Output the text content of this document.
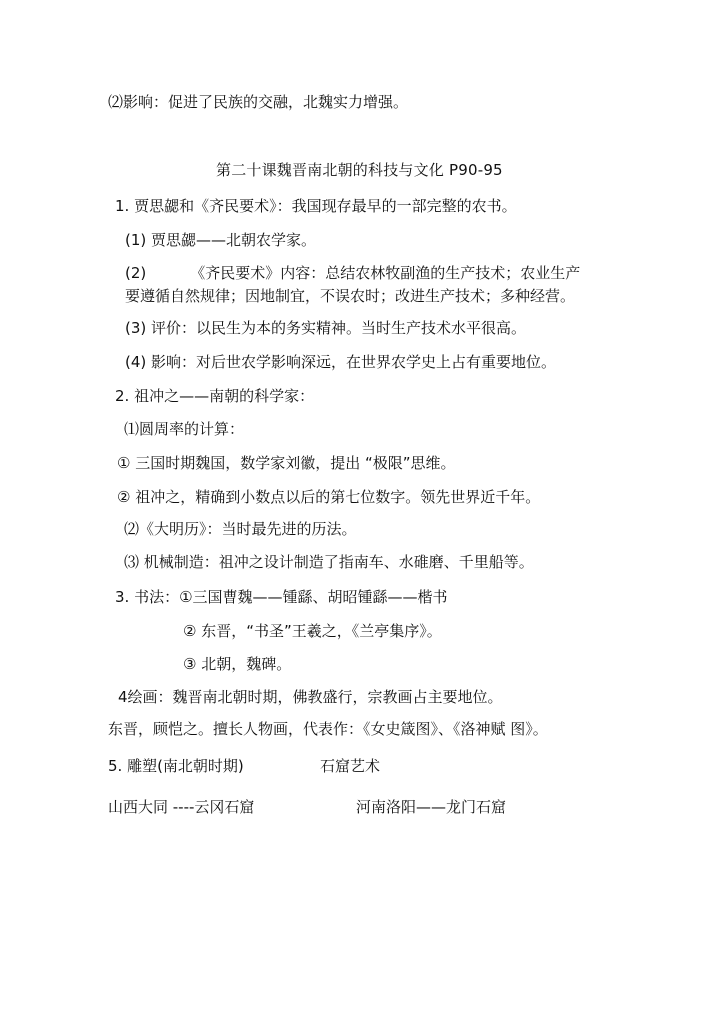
⑵影响：促进了民族的交融，北魏实力增强。
第二十课魏晋南北朝的科技与文化 P90-95
1. 贾思勰和《齐民要术》：我国现存最早的一部完整的农书。
(1) 贾思勰——北朝农学家。
(2)	《齐民要术》内容：总结农林牧副渔的生产技术；农业生产
要遵循自然规律；因地制宜，不误农时；改进生产技术；多种经营。
(3) 评价：以民生为本的务实精神。当时生产技术水平很高。
(4) 影响：对后世农学影响深远，在世界农学史上占有重要地位。
2. 祖冲之——南朝的科学家：
⑴圆周率的计算：
① 三国时期魏国，数学家刘徽，提出 “极限”思维。
② 祖冲之，精确到小数点以后的第七位数字。领先世界近千年。
⑵《大明历》：当时最先进的历法。
⑶ 机械制造：祖冲之设计制造了指南车、水碓磨、千里船等。
3. 书法：①三国曹魏——锺繇、胡昭锺繇——楷书
② 东晋，“书圣”王羲之，《兰亭集序》。
③ 北朝，魏碑。
4绘画：魏晋南北朝时期，佛教盛行，宗教画占主要地位。
东晋，顾恺之。擅长人物画，代表作：《女史箴图》、《洛神赋 图》。
5. 雕塑(南北朝时期)	石窟艺术
山西大同 ----云冈石窟	河南洛阳——龙门石窟
